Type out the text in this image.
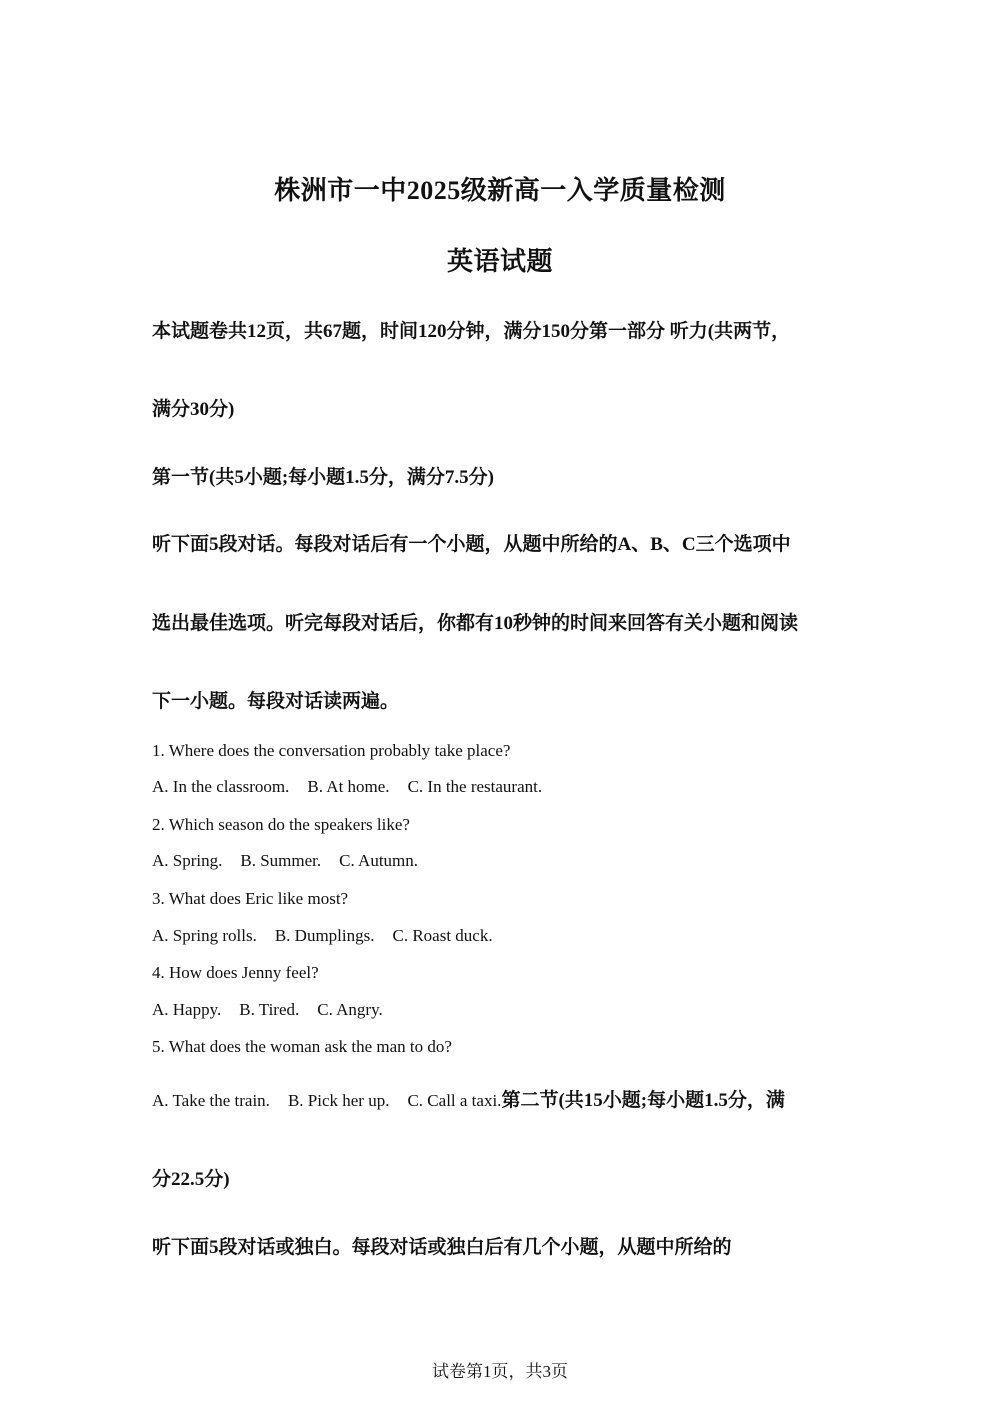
株洲市一中2025级新高一入学质量检测
英语试题
本试题卷共12页，共67题，时间120分钟，满分150分第一部分 听力(共两节，
满分30分)
第一节(共5小题;每小题1.5分，满分7.5分)
听下面5段对话。每段对话后有一个小题，从题中所给的A、B、C三个选项中
选出最佳选项。听完每段对话后，你都有10秒钟的时间来回答有关小题和阅读
下一小题。每段对话读两遍。
1. Where does the conversation probably take place?
A. In the classroom. B. At home. C. In the restaurant.
2. Which season do the speakers like?
A. Spring. B. Summer. C. Autumn.
3. What does Eric like most?
A. Spring rolls. B. Dumplings. C. Roast duck.
4. How does Jenny feel?
A. Happy. B. Tired. C. Angry.
5. What does the woman ask the man to do?
A. Take the train. B. Pick her up. C. Call a taxi.第二节(共15小题;每小题1.5分，满
分22.5分)
听下面5段对话或独白。每段对话或独白后有几个小题，从题中所给的
试卷第1页，共3页
